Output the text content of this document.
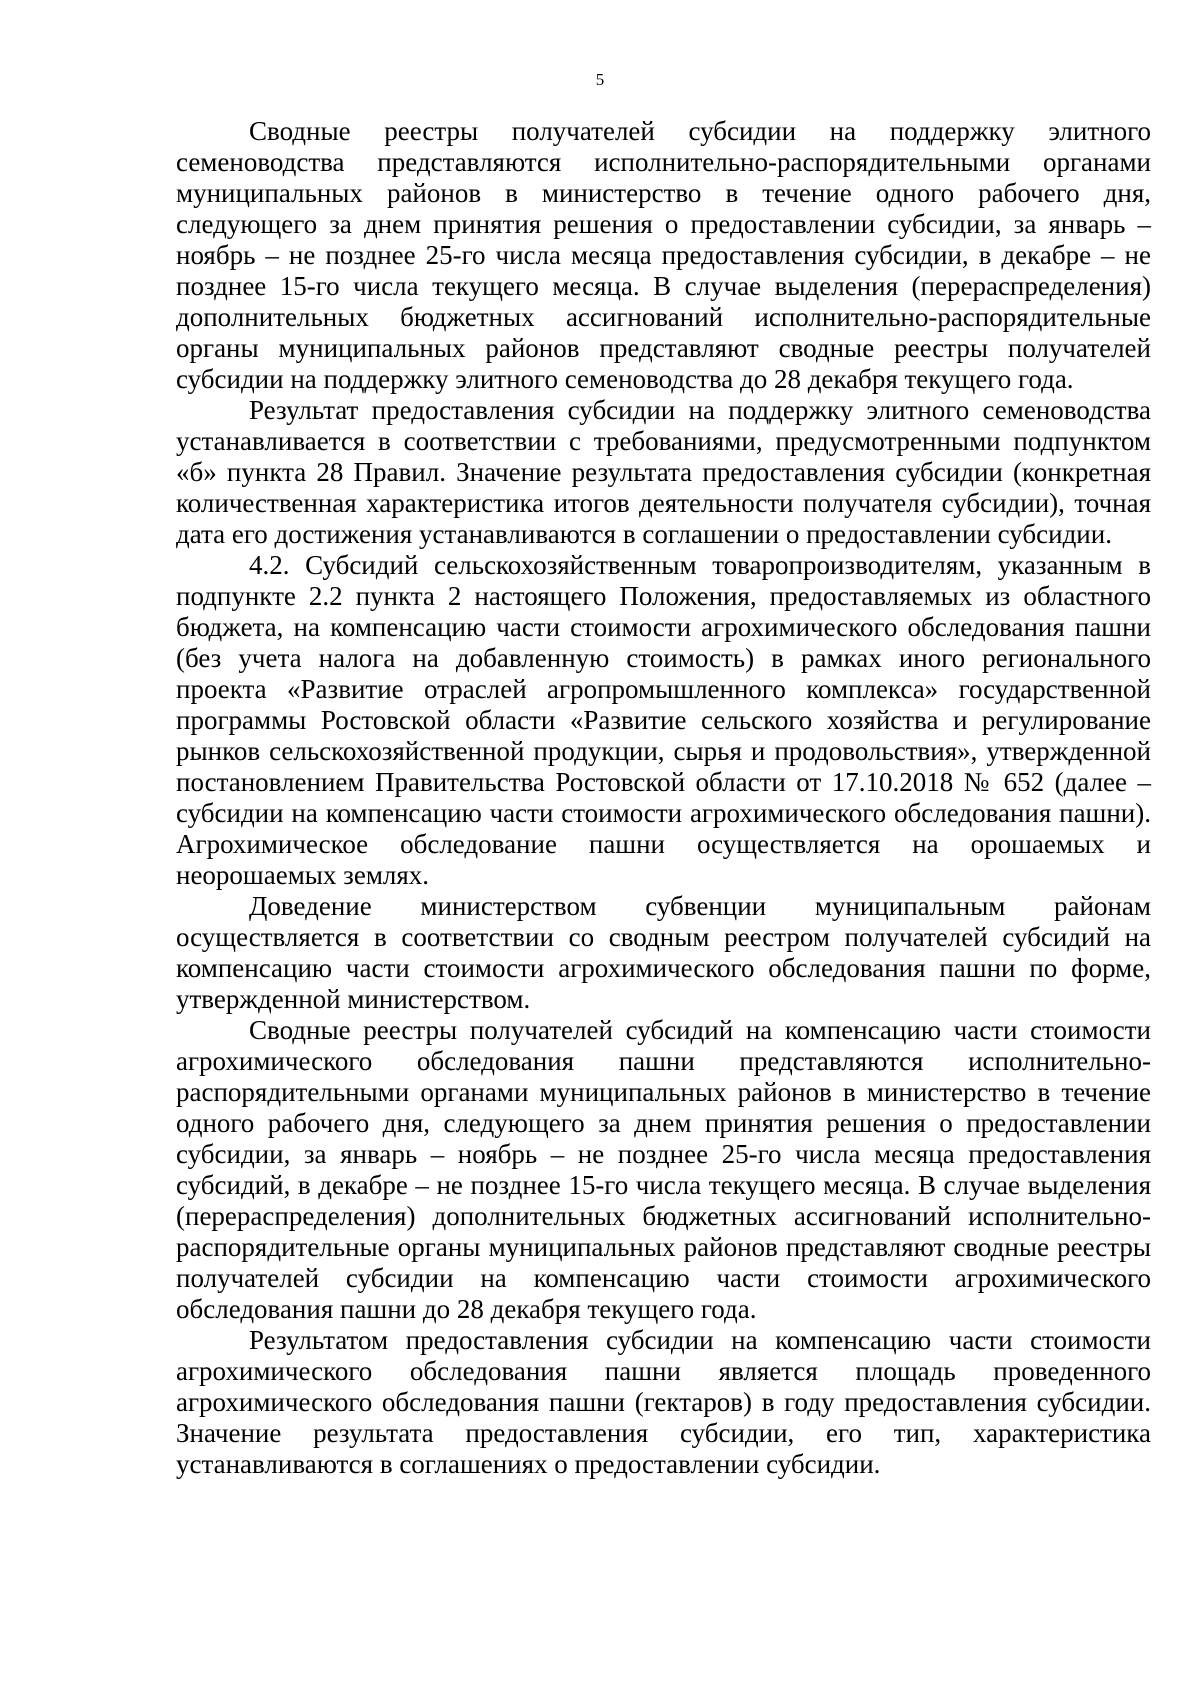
5

Сводные реестры получателей субсидии на поддержку элитного семеноводства представляются исполнительно-распорядительными органами муниципальных районов в министерство в течение одного рабочего дня, следующего за днем принятия решения о предоставлении субсидии, за январь – ноябрь – не позднее 25-го числа месяца предоставления субсидии, в декабре – не позднее 15-го числа текущего месяца. В случае выделения (перераспределения) дополнительных бюджетных ассигнований исполнительно-распорядительные органы муниципальных районов представляют сводные реестры получателей субсидии на поддержку элитного семеноводства до 28 декабря текущего года.

Результат предоставления субсидии на поддержку элитного семеноводства устанавливается в соответствии с требованиями, предусмотренными подпунктом «б» пункта 28 Правил. Значение результата предоставления субсидии (конкретная количественная характеристика итогов деятельности получателя субсидии), точная дата его достижения устанавливаются в соглашении о предоставлении субсидии.

4.2. Субсидий сельскохозяйственным товаропроизводителям, указанным в подпункте 2.2 пункта 2 настоящего Положения, предоставляемых из областного бюджета, на компенсацию части стоимости агрохимического обследования пашни (без учета налога на добавленную стоимость) в рамках иного регионального проекта «Развитие отраслей агропромышленного комплекса» государственной программы Ростовской области «Развитие сельского хозяйства и регулирование рынков сельскохозяйственной продукции, сырья и продовольствия», утвержденной постановлением Правительства Ростовской области от 17.10.2018 № 652 (далее – субсидии на компенсацию части стоимости агрохимического обследования пашни). Агрохимическое обследование пашни осуществляется на орошаемых и неорошаемых землях.

Доведение министерством субвенции муниципальным районам осуществляется в соответствии со сводным реестром получателей субсидий на компенсацию части стоимости агрохимического обследования пашни по форме, утвержденной министерством.

Сводные реестры получателей субсидий на компенсацию части стоимости агрохимического обследования пашни представляются исполнительно-распорядительными органами муниципальных районов в министерство в течение одного рабочего дня, следующего за днем принятия решения о предоставлении субсидии, за январь – ноябрь – не позднее 25-го числа месяца предоставления субсидий, в декабре – не позднее 15-го числа текущего месяца. В случае выделения (перераспределения) дополнительных бюджетных ассигнований исполнительно-распорядительные органы муниципальных районов представляют сводные реестры получателей субсидии на компенсацию части стоимости агрохимического обследования пашни до 28 декабря текущего года.

Результатом предоставления субсидии на компенсацию части стоимости агрохимического обследования пашни является площадь проведенного агрохимического обследования пашни (гектаров) в году предоставления субсидии. Значение результата предоставления субсидии, его тип, характеристика устанавливаются в соглашениях о предоставлении субсидии.
